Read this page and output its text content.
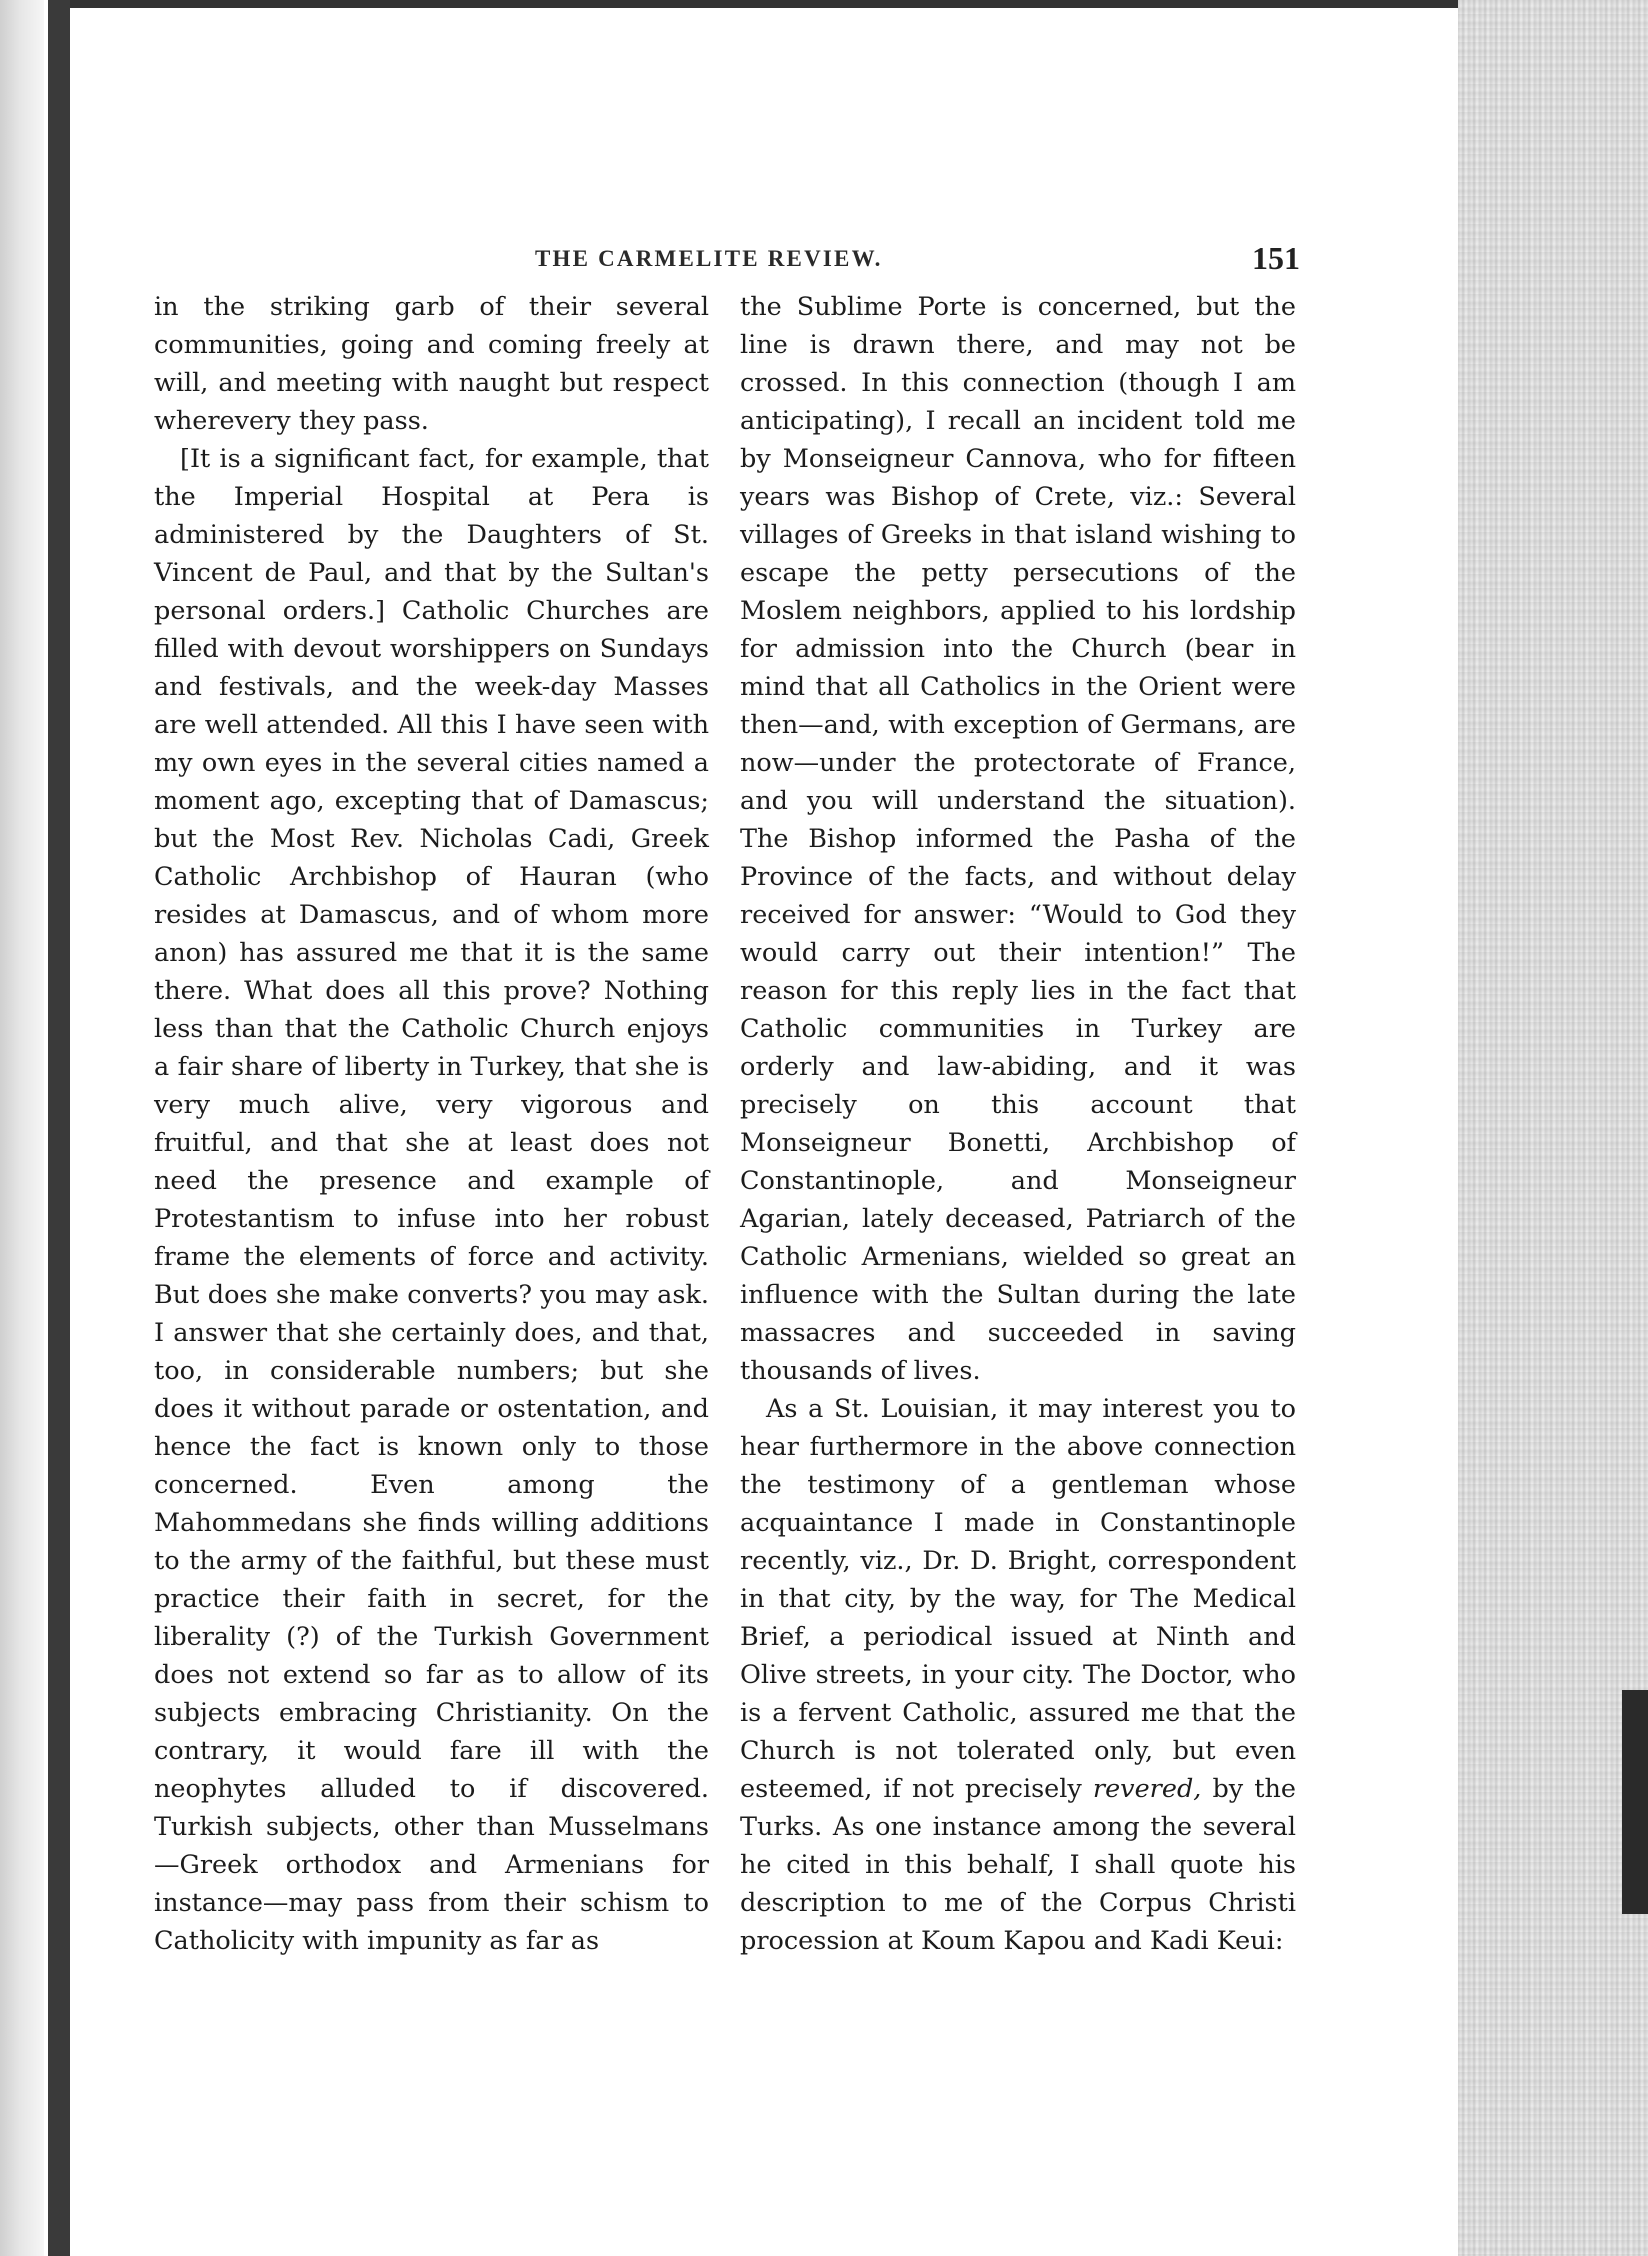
THE CARMELITE REVIEW.	151

in the striking garb of their several communities, going and coming freely at will, and meeting with naught but respect wherevery they pass.

[It is a significant fact, for example, that the Imperial Hospital at Pera is administered by the Daughters of St. Vincent de Paul, and that by the Sultan's personal orders.] Catholic Churches are filled with devout worshippers on Sundays and festivals, and the week-day Masses are well attended. All this I have seen with my own eyes in the several cities named a moment ago, excepting that of Damascus; but the Most Rev. Nicholas Cadi, Greek Catholic Archbishop of Hauran (who resides at Damascus, and of whom more anon) has assured me that it is the same there. What does all this prove? Nothing less than that the Catholic Church enjoys a fair share of liberty in Turkey, that she is very much alive, very vigorous and fruitful, and that she at least does not need the presence and example of Protestantism to infuse into her robust frame the elements of force and activity. But does she make converts? you may ask. I answer that she certainly does, and that, too, in considerable numbers; but she does it without parade or ostentation, and hence the fact is known only to those concerned. Even among the Mahommedans she finds willing additions to the army of the faithful, but these must practice their faith in secret, for the liberality (?) of the Turkish Government does not extend so far as to allow of its subjects embracing Christianity. On the contrary, it would fare ill with the neophytes alluded to if discovered. Turkish subjects, other than Musselmans —Greek orthodox and Armenians for instance—may pass from their schism to Catholicity with impunity as far as

the Sublime Porte is concerned, but the line is drawn there, and may not be crossed. In this connection (though I am anticipating), I recall an incident told me by Monseigneur Cannova, who for fifteen years was Bishop of Crete, viz.: Several villages of Greeks in that island wishing to escape the petty persecutions of the Moslem neighbors, applied to his lordship for admission into the Church (bear in mind that all Catholics in the Orient were then—and, with exception of Germans, are now—under the protectorate of France, and you will understand the situation). The Bishop informed the Pasha of the Province of the facts, and without delay received for answer: “Would to God they would carry out their intention!” The reason for this reply lies in the fact that Catholic communities in Turkey are orderly and law-abiding, and it was precisely on this account that Monseigneur Bonetti, Archbishop of Constantinople, and Monseigneur Agarian, lately deceased, Patriarch of the Catholic Armenians, wielded so great an influence with the Sultan during the late massacres and succeeded in saving thousands of lives.

As a St. Louisian, it may interest you to hear furthermore in the above connection the testimony of a gentleman whose acquaintance I made in Constantinople recently, viz., Dr. D. Bright, correspondent in that city, by the way, for The Medical Brief, a periodical issued at Ninth and Olive streets, in your city. The Doctor, who is a fervent Catholic, assured me that the Church is not tolerated only, but even esteemed, if not precisely revered, by the Turks. As one instance among the several he cited in this behalf, I shall quote his description to me of the Corpus Christi procession at Koum Kapou and Kadi Keui:
